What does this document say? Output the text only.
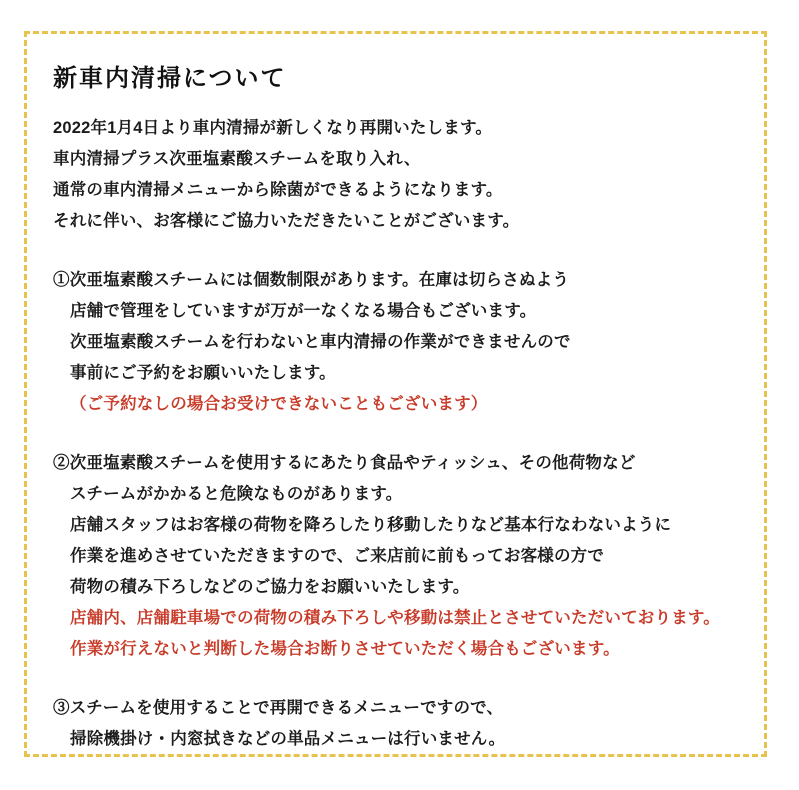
新車内清掃について
2022年1月4日より車内清掃が新しくなり再開いたします。
車内清掃プラス次亜塩素酸スチームを取り入れ、
通常の車内清掃メニューから除菌ができるようになります。
それに伴い、お客様にご協力いただきたいことがございます。
①次亜塩素酸スチームには個数制限があります。在庫は切らさぬよう
店舗で管理をしていますが万が一なくなる場合もございます。
次亜塩素酸スチームを行わないと車内清掃の作業ができませんので
事前にご予約をお願いいたします。
（ご予約なしの場合お受けできないこともございます）
②次亜塩素酸スチームを使用するにあたり食品やティッシュ、その他荷物など
スチームがかかると危険なものがあります。
店舗スタッフはお客様の荷物を降ろしたり移動したりなど基本行なわないように
作業を進めさせていただきますので、ご来店前に前もってお客様の方で
荷物の積み下ろしなどのご協力をお願いいたします。
店舗内、店舗駐車場での荷物の積み下ろしや移動は禁止とさせていただいております。
作業が行えないと判断した場合お断りさせていただく場合もございます。
③スチームを使用することで再開できるメニューですので、
掃除機掛け・内窓拭きなどの単品メニューは行いません。
